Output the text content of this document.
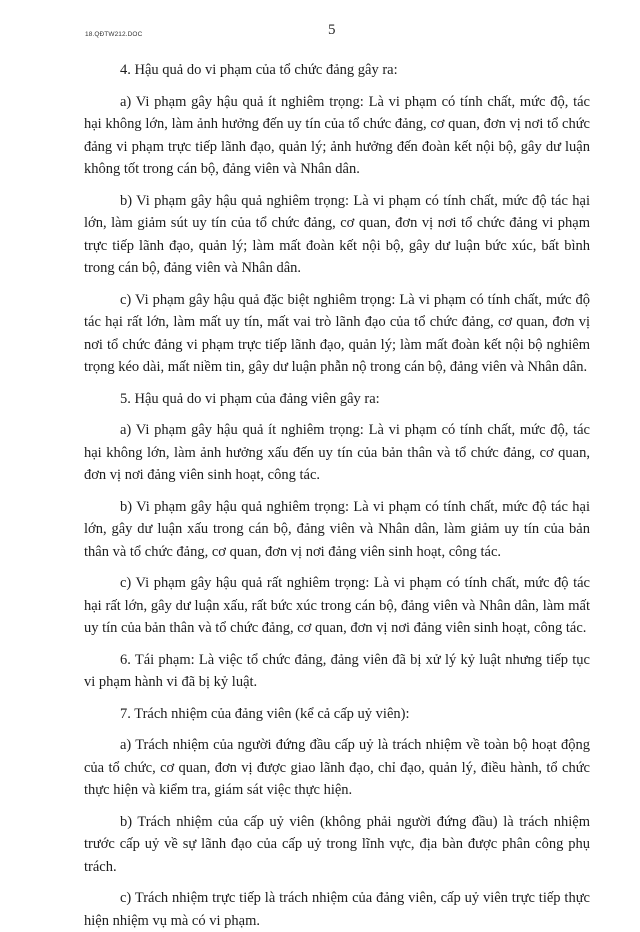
18.QĐTW212.DOC	5

4. Hậu quả do vi phạm của tổ chức đảng gây ra:

a) Vi phạm gây hậu quả ít nghiêm trọng: Là vi phạm có tính chất, mức độ, tác hại không lớn, làm ảnh hưởng đến uy tín của tổ chức đảng, cơ quan, đơn vị nơi tổ chức đảng vi phạm trực tiếp lãnh đạo, quản lý; ảnh hưởng đến đoàn kết nội bộ, gây dư luận không tốt trong cán bộ, đảng viên và Nhân dân.

b) Vi phạm gây hậu quả nghiêm trọng: Là vi phạm có tính chất, mức độ tác hại lớn, làm giảm sút uy tín của tổ chức đảng, cơ quan, đơn vị nơi tổ chức đảng vi phạm trực tiếp lãnh đạo, quản lý; làm mất đoàn kết nội bộ, gây dư luận bức xúc, bất bình trong cán bộ, đảng viên và Nhân dân.

c) Vi phạm gây hậu quả đặc biệt nghiêm trọng: Là vi phạm có tính chất, mức độ tác hại rất lớn, làm mất uy tín, mất vai trò lãnh đạo của tổ chức đảng, cơ quan, đơn vị nơi tổ chức đảng vi phạm trực tiếp lãnh đạo, quản lý; làm mất đoàn kết nội bộ nghiêm trọng kéo dài, mất niềm tin, gây dư luận phẫn nộ trong cán bộ, đảng viên và Nhân dân.

5. Hậu quả do vi phạm của đảng viên gây ra:

a) Vi phạm gây hậu quả ít nghiêm trọng: Là vi phạm có tính chất, mức độ, tác hại không lớn, làm ảnh hưởng xấu đến uy tín của bản thân và tổ chức đảng, cơ quan, đơn vị nơi đảng viên sinh hoạt, công tác.

b) Vi phạm gây hậu quả nghiêm trọng: Là vi phạm có tính chất, mức độ tác hại lớn, gây dư luận xấu trong cán bộ, đảng viên và Nhân dân, làm giảm uy tín của bản thân và tổ chức đảng, cơ quan, đơn vị nơi đảng viên sinh hoạt, công tác.

c) Vi phạm gây hậu quả rất nghiêm trọng: Là vi phạm có tính chất, mức độ tác hại rất lớn, gây dư luận xấu, rất bức xúc trong cán bộ, đảng viên và Nhân dân, làm mất uy tín của bản thân và tổ chức đảng, cơ quan, đơn vị nơi đảng viên sinh hoạt, công tác.

6. Tái phạm: Là việc tổ chức đảng, đảng viên đã bị xử lý kỷ luật nhưng tiếp tục vi phạm hành vi đã bị kỷ luật.

7. Trách nhiệm của đảng viên (kể cả cấp uỷ viên):

a) Trách nhiệm của người đứng đầu cấp uỷ là trách nhiệm về toàn bộ hoạt động của tổ chức, cơ quan, đơn vị được giao lãnh đạo, chỉ đạo, quản lý, điều hành, tổ chức thực hiện và kiểm tra, giám sát việc thực hiện.

b) Trách nhiệm của cấp uỷ viên (không phải người đứng đầu) là trách nhiệm trước cấp uỷ về sự lãnh đạo của cấp uỷ trong lĩnh vực, địa bàn được phân công phụ trách.

c) Trách nhiệm trực tiếp là trách nhiệm của đảng viên, cấp uỷ viên trực tiếp thực hiện nhiệm vụ mà có vi phạm.
